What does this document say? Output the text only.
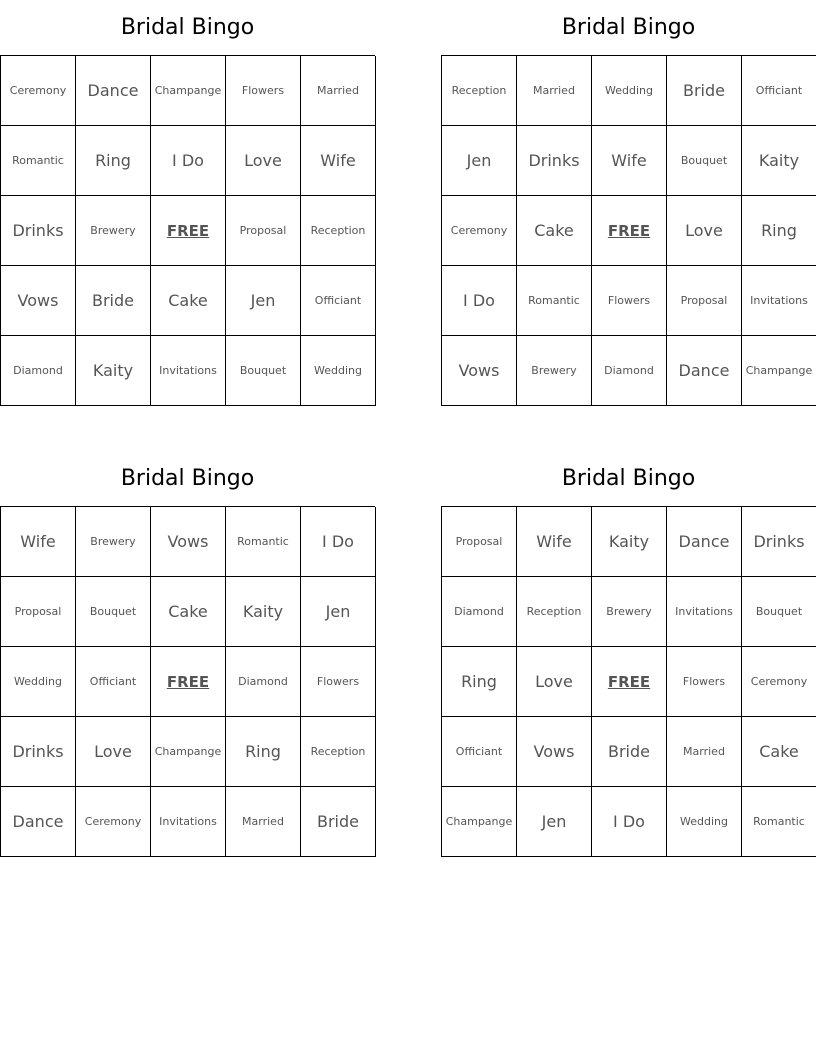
Bridal Bingo
Ceremony	Dance	Champange	Flowers	Married
Romantic	Ring	I Do	Love	Wife
Drinks	Brewery	FREE	Proposal	Reception
Vows	Bride	Cake	Jen	Officiant
Diamond	Kaity	Invitations	Bouquet	Wedding
Bridal Bingo
Reception	Married	Wedding	Bride	Officiant
Jen	Drinks	Wife	Bouquet	Kaity
Ceremony	Cake	FREE	Love	Ring
I Do	Romantic	Flowers	Proposal	Invitations
Vows	Brewery	Diamond	Dance	Champange
Bridal Bingo
Wife	Brewery	Vows	Romantic	I Do
Proposal	Bouquet	Cake	Kaity	Jen
Wedding	Officiant	FREE	Diamond	Flowers
Drinks	Love	Champange	Ring	Reception
Dance	Ceremony	Invitations	Married	Bride
Bridal Bingo
Proposal	Wife	Kaity	Dance	Drinks
Diamond	Reception	Brewery	Invitations	Bouquet
Ring	Love	FREE	Flowers	Ceremony
Officiant	Vows	Bride	Married	Cake
Champange	Jen	I Do	Wedding	Romantic
